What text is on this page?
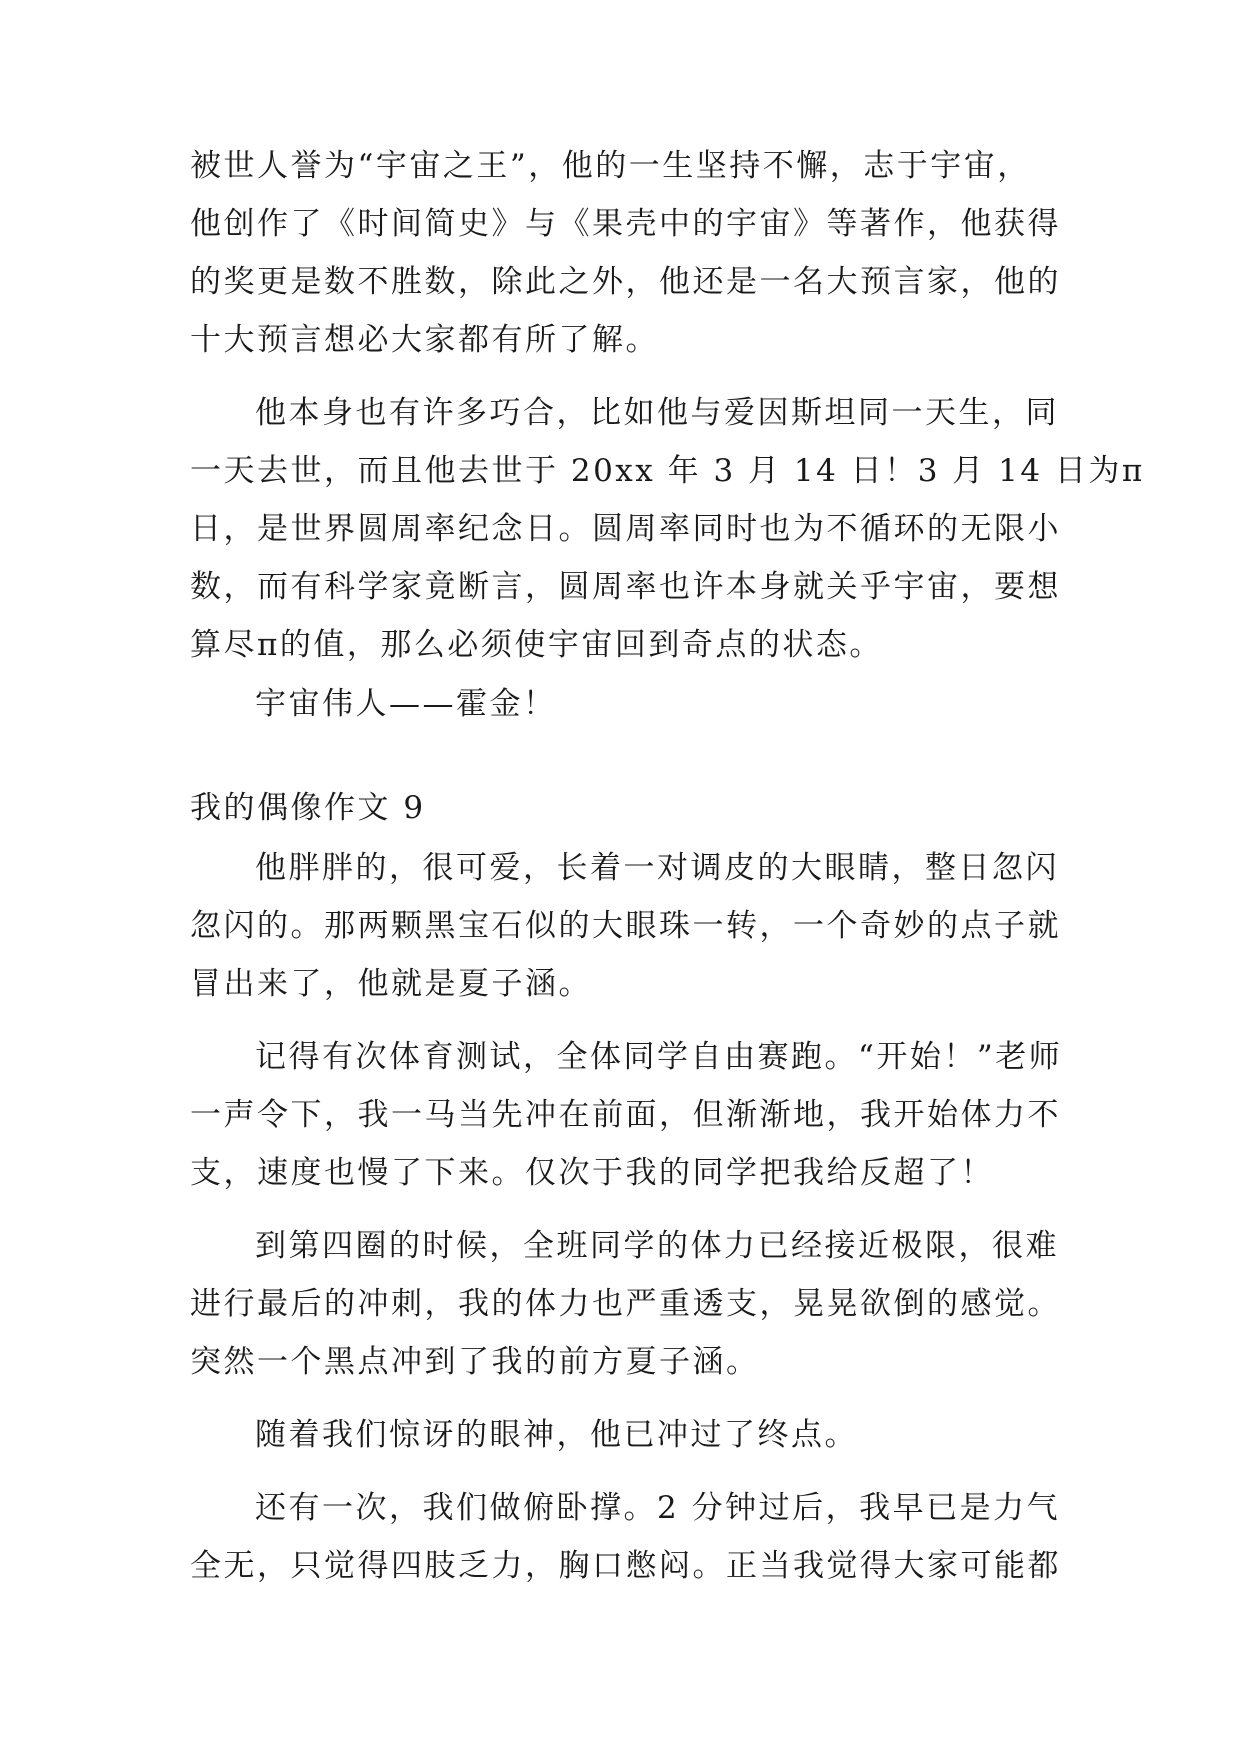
被世人誉为“宇宙之王”，他的一生坚持不懈，志于宇宙，
他创作了《时间简史》与《果壳中的宇宙》等著作，他获得
的奖更是数不胜数，除此之外，他还是一名大预言家，他的
十大预言想必大家都有所了解。
他本身也有许多巧合，比如他与爱因斯坦同一天生，同
一天去世，而且他去世于 20xx 年 3 月 14 日！3 月 14 日为π
日，是世界圆周率纪念日。圆周率同时也为不循环的无限小
数，而有科学家竟断言，圆周率也许本身就关乎宇宙，要想
算尽π的值，那么必须使宇宙回到奇点的状态。
宇宙伟人——霍金！
我的偶像作文 9
他胖胖的，很可爱，长着一对调皮的大眼睛，整日忽闪
忽闪的。那两颗黑宝石似的大眼珠一转，一个奇妙的点子就
冒出来了，他就是夏子涵。
记得有次体育测试，全体同学自由赛跑。“开始！”老师
一声令下，我一马当先冲在前面，但渐渐地，我开始体力不
支，速度也慢了下来。仅次于我的同学把我给反超了！
到第四圈的时候，全班同学的体力已经接近极限，很难
进行最后的冲刺，我的体力也严重透支，晃晃欲倒的感觉。
突然一个黑点冲到了我的前方夏子涵。
随着我们惊讶的眼神，他已冲过了终点。
还有一次，我们做俯卧撑。2 分钟过后，我早已是力气
全无，只觉得四肢乏力，胸口憋闷。正当我觉得大家可能都
